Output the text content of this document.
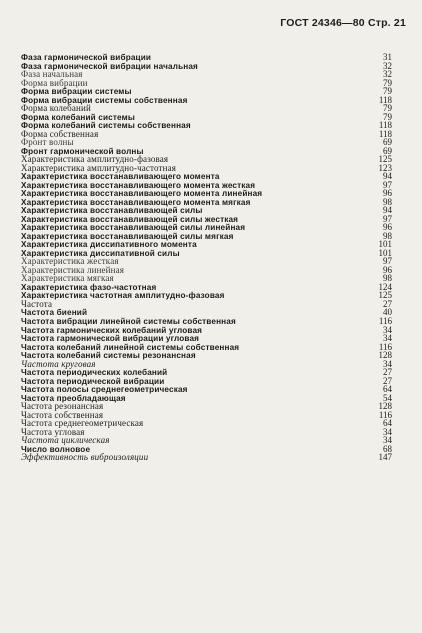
ГОСТ 24346—80 Стр. 21
Фаза гармонической вибрации	31
Фаза гармонической вибрации начальная	32
Фаза начальная	32
Форма вибрации	79
Форма вибрации системы	79
Форма вибрации системы собственная	118
Форма колебаний	79
Форма колебаний системы	79
Форма колебаний системы собственная	118
Форма собственная	118
Фронт волны	69
Фронт гармонической волны	69
Характеристика амплитудно-фазовая	125
Характеристика амплитудно-частотная	123
Характеристика восстанавливающего момента	94
Характеристика восстанавливающего момента жесткая	97
Характеристика восстанавливающего момента линейная	96
Характеристика восстанавливающего момента мягкая	98
Характеристика восстанавливающей силы	94
Характеристика восстанавливающей силы жесткая	97
Характеристика восстанавливающей силы линейная	96
Характеристика восстанавливающей силы мягкая	98
Характеристика диссипативного момента	101
Характеристика диссипативной силы	101
Характеристика жесткая	97
Характеристика линейная	96
Характеристика мягкая	98
Характеристика фазо-частотная	124
Характеристика частотная амплитудно-фазовая	125
Частота	27
Частота биений	40
Частота вибрации линейной системы собственная	116
Частота гармонических колебаний угловая	34
Частота гармонической вибрации угловая	34
Частота колебаний линейной системы собственная	116
Частота колебаний системы резонансная	128
Частота круговая	34
Частота периодических колебаний	27
Частота периодической вибрации	27
Частота полосы среднегеометрическая	64
Частота преобладающая	54
Частота резонансная	128
Частота собственная	116
Частота среднегеометрическая	64
Частота угловая	34
Частота циклическая	34
Число волновое	68
Эффективность виброизоляции	147
